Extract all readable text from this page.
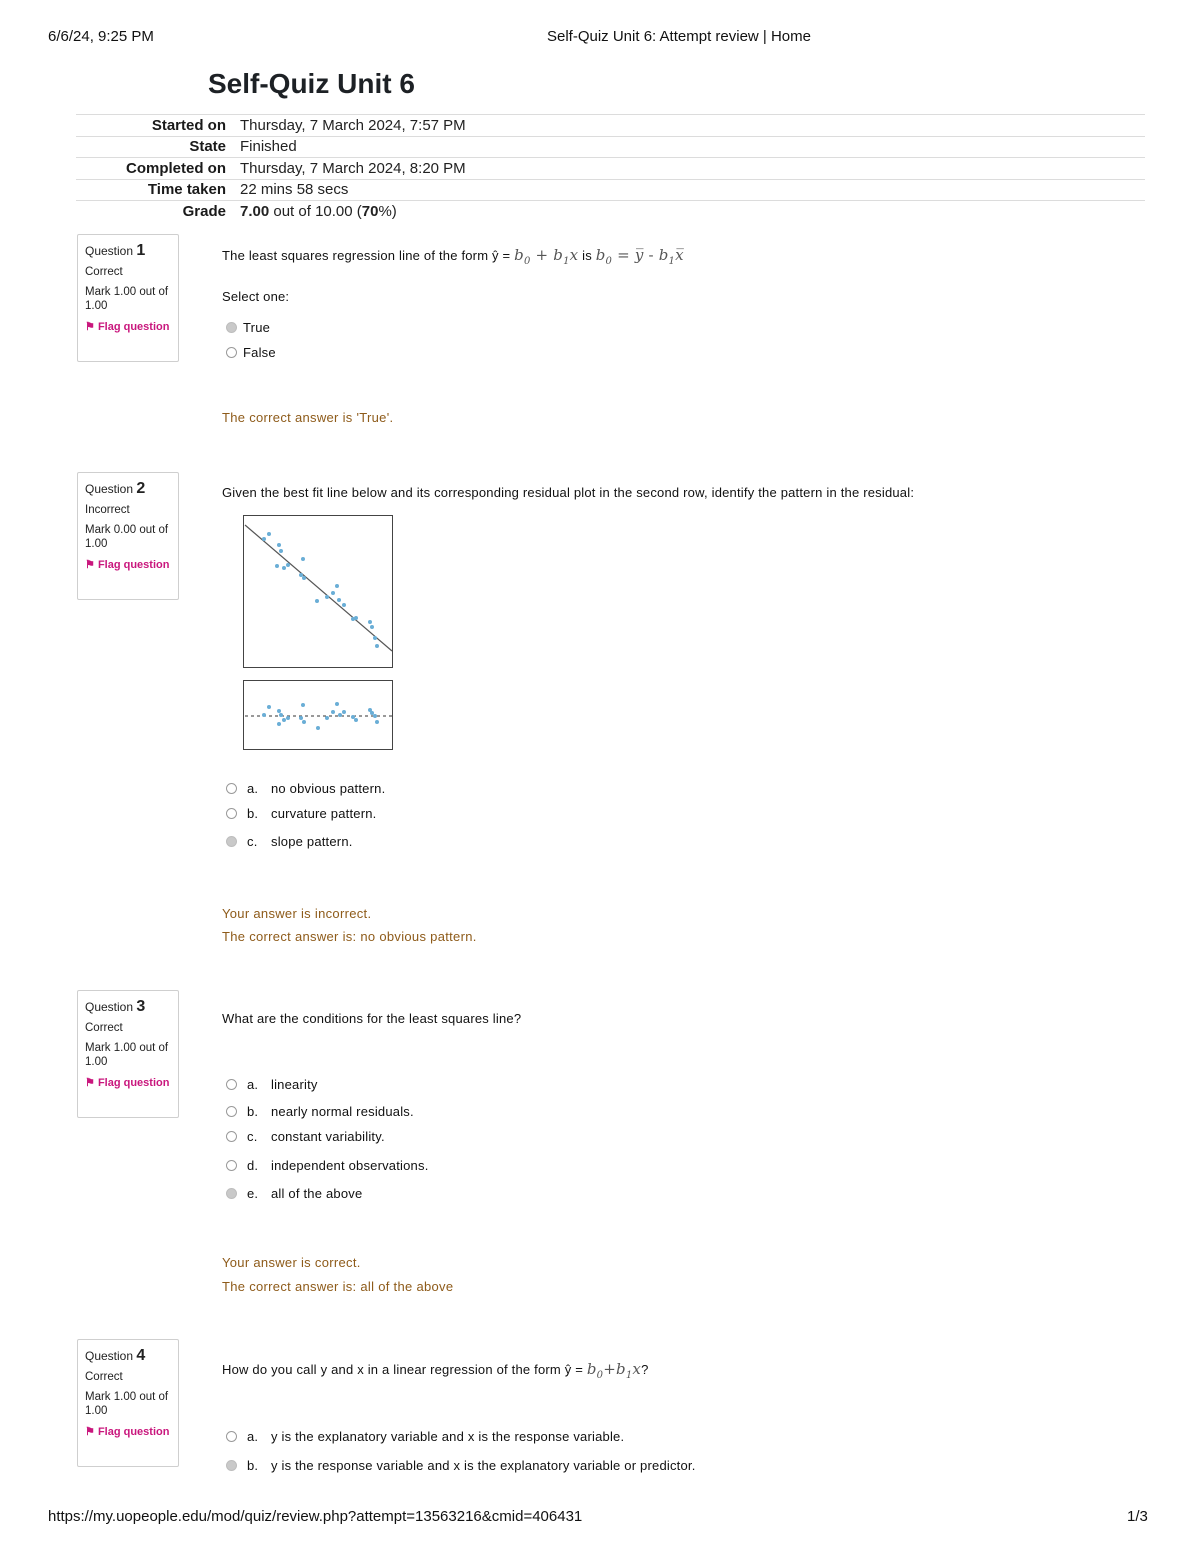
6/6/24, 9:25 PM	Self-Quiz Unit 6: Attempt review | Home
Self-Quiz Unit 6
Started on Thursday, 7 March 2024, 7:57 PM
State Finished
Completed on Thursday, 7 March 2024, 8:20 PM
Time taken 22 mins 58 secs
Grade 7.00 out of 10.00 (70%)
Question 1
Correct
Mark 1.00 out of 1.00
⚑ Flag question
The least squares regression line of the form ŷ = $b_0 + b_1x$ is $b_0$ = y̅ - $b_1x̅$
Select one:
True
False
The correct answer is 'True'.
Question 2
Incorrect
Mark 0.00 out of 1.00
⚑ Flag question
Given the best fit line below and its corresponding residual plot in the second row, identify the pattern in the residual:
a. no obvious pattern.
b. curvature pattern.
c.	slope pattern.
Your answer is incorrect.
The correct answer is: no obvious pattern.
Question 3
Correct
Mark 1.00 out of 1.00
⚑ Flag question
What are the conditions for the least squares line?
a. linearity
b. nearly normal residuals.
c.	constant variability.
d. independent observations.
e. all of the above
Your answer is correct.
The correct answer is: all of the above
Question 4
Correct
Mark 1.00 out of 1.00
⚑ Flag question
How do you call y and x in a linear regression of the form ŷ = $b_0+b_1x$?
a. y is the explanatory variable and x is the response variable.
b. y is the response variable and x is the explanatory variable or predictor.
https://my.uopeople.edu/mod/quiz/review.php?attempt=13563216&cmid=406431	1/3
